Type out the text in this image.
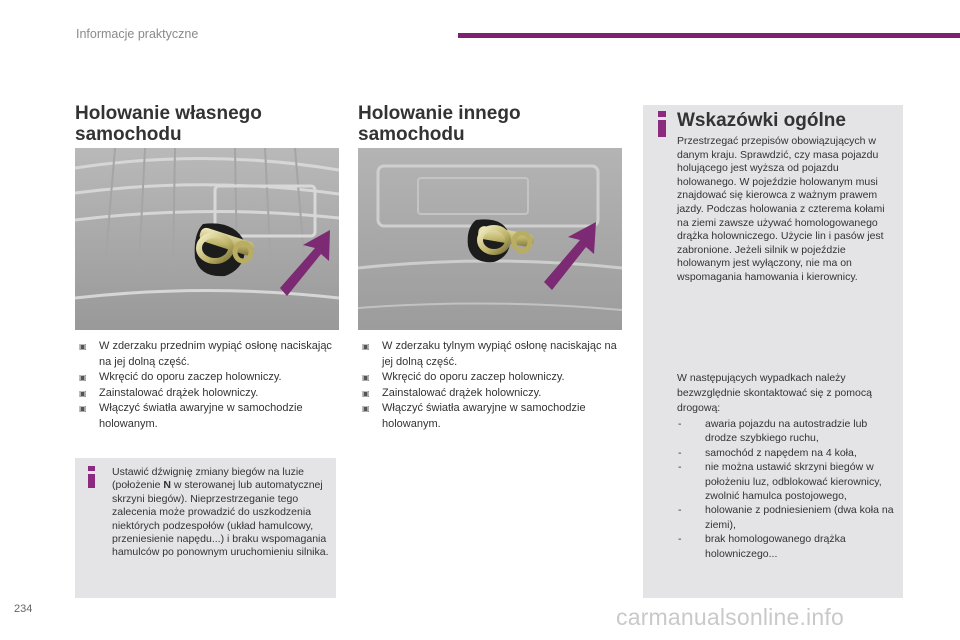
Informacje praktyczne
Holowanie własnego
samochodu
▣ W zderzaku przednim wypiąć osłonę naciskając na jej dolną część.
▣ Wkręcić do oporu zaczep holowniczy.
▣ Zainstalować drążek holowniczy.
▣ Włączyć światła awaryjne w samochodzie holowanym.
Ustawić dźwignię zmiany biegów na luzie (położenie N w sterowanej lub automatycznej skrzyni biegów). Nieprzestrzeganie tego zalecenia może prowadzić do uszkodzenia niektórych podzespołów (układ hamulcowy, przeniesienie napędu...) i braku wspomagania hamulców po ponownym uruchomieniu silnika.
Holowanie innego
samochodu
▣ W zderzaku tylnym wypiąć osłonę naciskając na jej dolną część.
▣ Wkręcić do oporu zaczep holowniczy.
▣ Zainstalować drążek holowniczy.
▣ Włączyć światła awaryjne w samochodzie holowanym.
Wskazówki ogólne

Przestrzegać przepisów obowiązujących w danym kraju. Sprawdzić, czy masa pojazdu holującego jest wyższa od pojazdu holowanego. W pojeździe holowanym musi znajdować się kierowca z ważnym prawem jazdy. Podczas holowania z czterema kołami na ziemi zawsze używać homologowanego drążka holowniczego. Użycie lin i pasów jest zabronione. Jeżeli silnik w pojeździe holowanym jest wyłączony, nie ma on wspomagania hamowania i kierownicy.

W następujących wypadkach należy bezwzględnie skontaktować się z pomocą drogową:

- awaria pojazdu na autostradzie lub drodze szybkiego ruchu,
- samochód z napędem na 4 koła,
- nie można ustawić skrzyni biegów w położeniu luz, odblokować kierownicy, zwolnić hamulca postojowego,
- holowanie z podniesieniem (dwa koła na ziemi),
- brak homologowanego drążka holowniczego...
234	carmanualsonline.info
